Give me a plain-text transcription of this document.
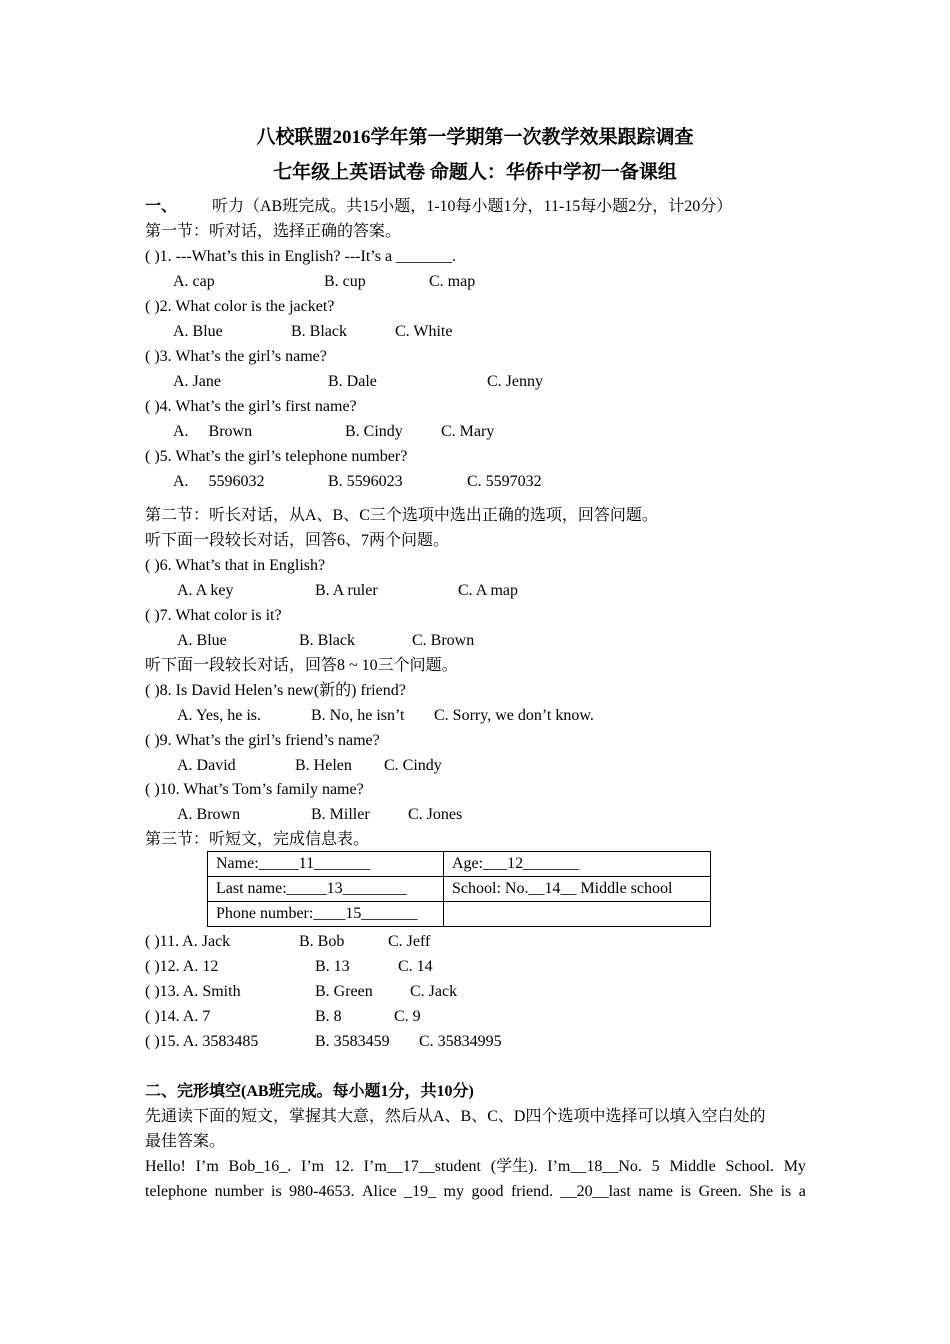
八校联盟2016学年第一学期第一次教学效果跟踪调查
七年级上英语试卷 命题人：华侨中学初一备课组
一、 听力（AB班完成。共15小题，1-10每小题1分，11-15每小题2分，计20分）
第一节：听对话，选择正确的答案。
( )1. ---What’s this in English? ---It’s a _______.
A. cap	B. cup	C. map
( )2. What color is the jacket?
A. Blue	B. Black	C. White
( )3. What’s the girl’s name?
A. Jane	B. Dale	C. Jenny
( )4. What’s the girl’s first name?
A.     Brown	B. Cindy C. Mary
( )5. What’s the girl’s telephone number?
A.     5596032	B. 5596023	C. 5597032
第二节：听长对话，从A、B、C三个选项中选出正确的选项，回答问题。
听下面一段较长对话，回答6、7两个问题。
( )6. What’s that in English?
A. A key	B. A ruler	C. A map
( )7. What color is it?
A. Blue	B. Black	C. Brown
听下面一段较长对话，回答8 ~ 10三个问题。
( )8. Is David Helen’s new(新的) friend?
A. Yes, he is.	B. No, he isn’t C. Sorry, we don’t know.
( )9. What’s the girl’s friend’s name?
A. David	B. Helen C. Cindy
( )10. What’s Tom’s family name?
A. Brown	B. Miller C. Jones
第三节：听短文，完成信息表。
Name:_____11_______	Age:___12_______
Last name:_____13________	School: No.__14__ Middle school
Phone number:____15_______	
( )11. A. Jack	B. Bob	C. Jeff
( )12. A. 12	B. 13	C. 14
( )13. A. Smith	B. Green C. Jack
( )14. A. 7	B. 8	C. 9
( )15. A. 3583485	B. 3583459 C. 35834995
二、完形填空(AB班完成。每小题1分，共10分)
先通读下面的短文，掌握其大意，然后从A、B、C、D四个选项中选择可以填入空白处的
最佳答案。
Hello! I’m Bob_16_. I’m 12. I’m__17__student (学生). I’m__18__No. 5 Middle School. My
telephone number is 980-4653. Alice _19_ my good friend. __20__last name is Green. She is a
